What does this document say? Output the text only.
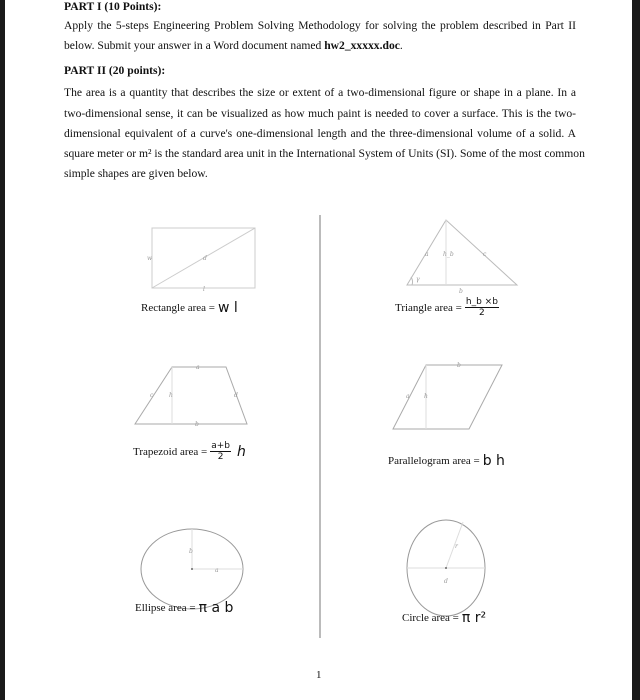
PART I (10 Points):
Apply the 5-steps Engineering Problem Solving Methodology for solving the problem described in Part II
below. Submit your answer in a Word document named hw2_xxxxx.doc.
PART II (20 points):
The area is a quantity that describes the size or extent of a two-dimensional figure or shape in a plane. In a
two-dimensional sense, it can be visualized as how much paint is needed to cover a surface. This is the two-
dimensional equivalent of a curve's one-dimensional length and the three-dimensional volume of a solid. A
square meter or m² is the standard area unit in the International System of Units (SI). Some of the most common
simple shapes are given below.
w	d
l
a h_b	c
γ
b
a
c	h	d
b
b
a h
b
a
r
d
Rectangle area = w l	Triangle area = $\frac{h\_b \times b}{2}$
Trapezoid area = $\frac{a+b}{2}$ h
Parallelogram area = b h
Ellipse area = π a b
Circle area = π r²
1
